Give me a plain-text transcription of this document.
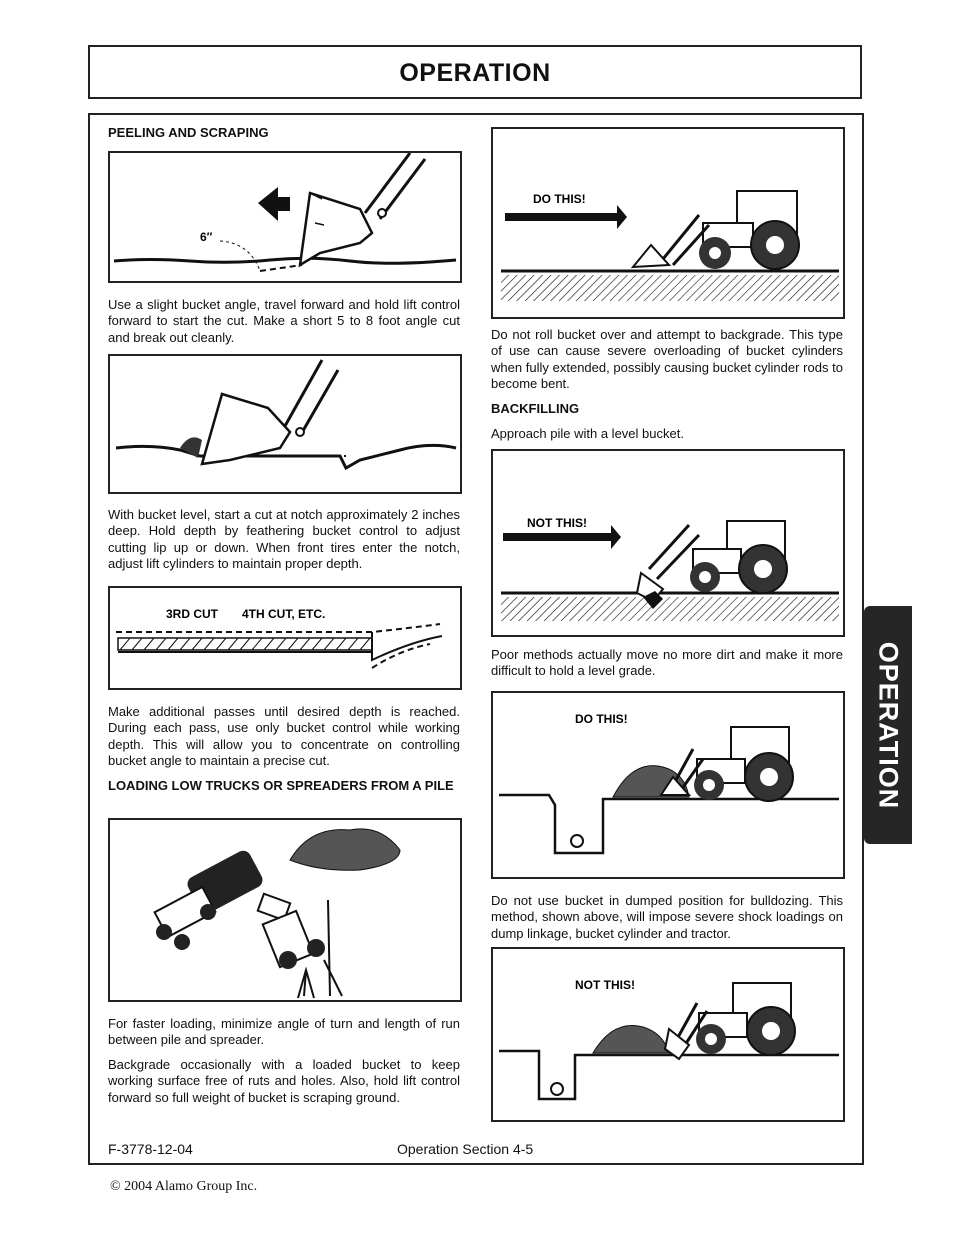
OPERATION
OPERATION
PEELING AND SCRAPING
6″
Use a slight bucket angle, travel forward and hold lift control forward to start the cut. Make a short 5 to 8 foot angle cut and break out cleanly.
With bucket level, start a cut at notch approximately 2 inches deep. Hold depth by feathering bucket control to adjust cutting lip up or down. When front tires enter the notch, adjust lift cylinders to maintain proper depth.
3RD CUT 4TH CUT, ETC.
Make additional passes until desired depth is reached. During each pass, use only bucket control while working depth. This will allow you to concentrate on controlling bucket angle to maintain a precise cut.
LOADING LOW TRUCKS OR SPREADERS FROM A PILE
For faster loading, minimize angle of turn and length of run between pile and spreader.
Backgrade occasionally with a loaded bucket to keep working surface free of ruts and holes. Also, hold lift control forward so full weight of bucket is scraping ground.
DO THIS!
Do not roll bucket over and attempt to backgrade. This type of use can cause severe overloading of bucket cylinders when fully extended, possibly causing bucket cylinder rods to become bent.
BACKFILLING
Approach pile with a level bucket.
NOT THIS!
Poor methods actually move no more dirt and make it more difficult to hold a level grade.
DO THIS!
Do not use bucket in dumped position for bulldozing. This method, shown above, will impose severe shock loadings on dump linkage, bucket cylinder and tractor.
NOT THIS!
F-3778-12-04	Operation Section 4-5
© 2004 Alamo Group Inc.
